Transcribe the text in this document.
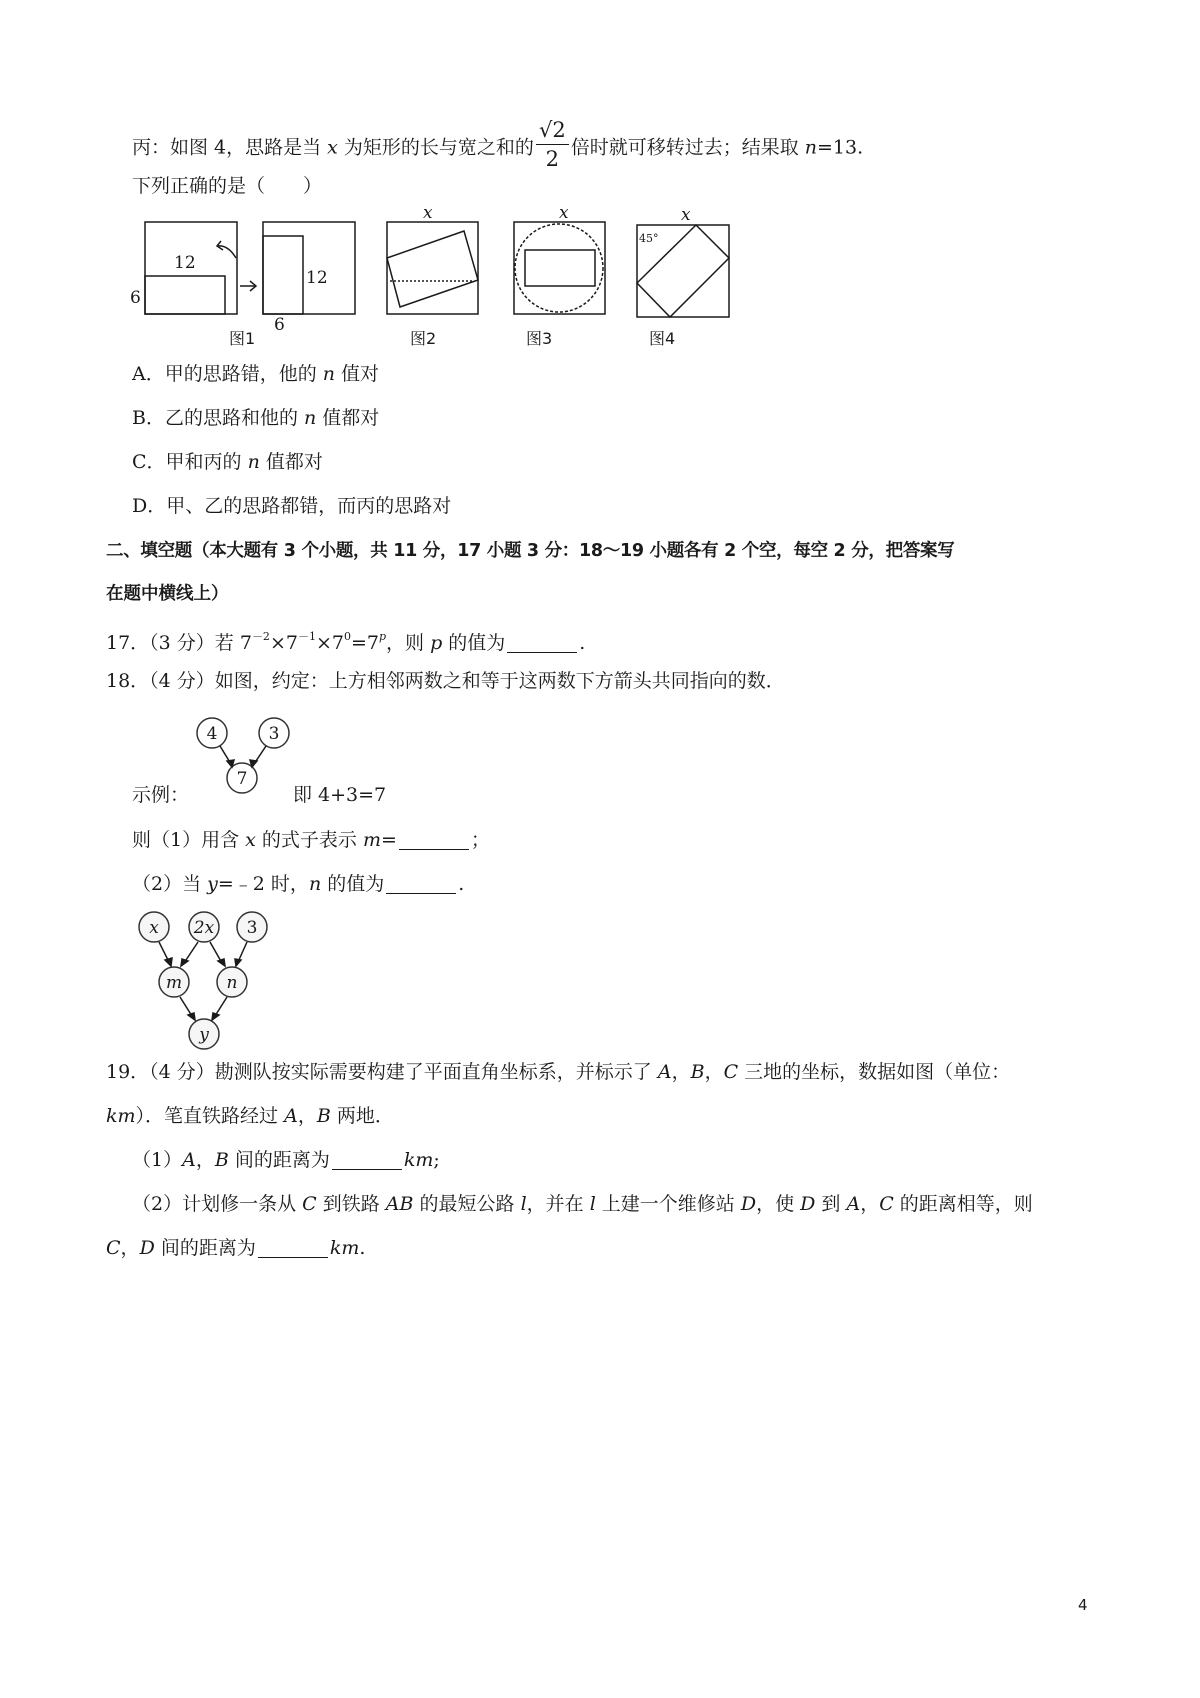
丙：如图 4，思路是当 x 为矩形的长与宽之和的 $\frac{√2}{2}$ 倍时就可移转过去；结果取 n=13.
下列正确的是（　　）
12
6
12
6
图1
x
图2
x
图3
45°
x
图4
A．甲的思路错，他的 n 值对
B．乙的思路和他的 n 值都对
C．甲和丙的 n 值都对
D．甲、乙的思路都错，而丙的思路对
二、填空题（本大题有 3 个小题，共 11 分，17 小题 3 分：18～19 小题各有 2 个空，每空 2 分，把答案写
在题中横线上）
17．（3 分）若 $7^{-2}\times 7^{-1}\times 7^0=7^p$，则 p 的值为	.
18．（4 分）如图，约定：上方相邻两数之和等于这两数下方箭头共同指向的数．
4	3
7
示例：	即 4+3=7
则（1）用含 x 的式子表示 m=	；
（2）当 y=﹣2 时，n 的值为	.
x 2x 3
m	n
y
19．（4 分）勘测队按实际需要构建了平面直角坐标系，并标示了 A，B，C 三地的坐标，数据如图（单位：
km）．笔直铁路经过 A，B 两地．
（1）A，B 间的距离为	km;
（2）计划修一条从 C 到铁路 AB 的最短公路 l，并在 l 上建一个维修站 D，使 D 到 A，C 的距离相等，则
C，D 间的距离为	km.
4
